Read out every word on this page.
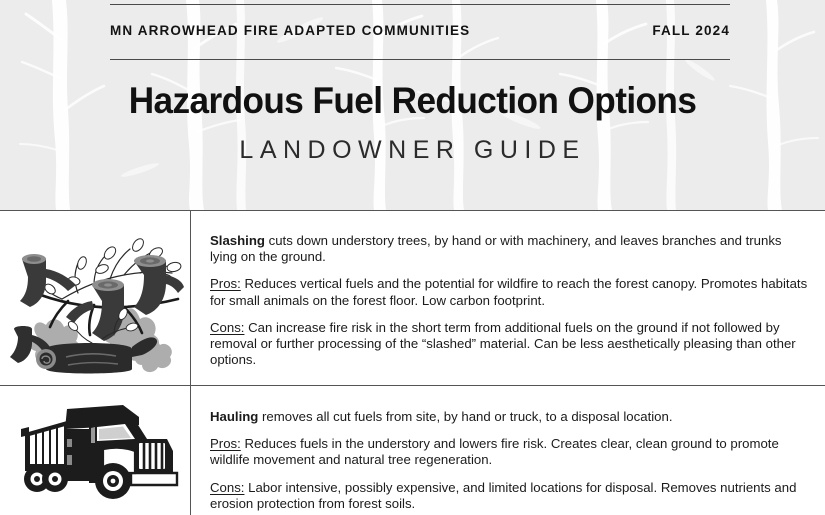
MN ARROWHEAD FIRE ADAPTED COMMUNITIES	FALL 2024
Hazardous Fuel Reduction Options
LANDOWNER GUIDE

Slashing cuts down understory trees, by hand or with machinery, and leaves branches and trunks lying on the ground.

Pros: Reduces vertical fuels and the potential for wildfire to reach the forest canopy. Promotes habitats for small animals on the forest floor. Low carbon footprint.

Cons: Can increase fire risk in the short term from additional fuels on the ground if not followed by removal or further processing of the “slashed” material. Can be less aesthetically pleasing than other options.

Hauling removes all cut fuels from site, by hand or truck, to a disposal location.

Pros: Reduces fuels in the understory and lowers fire risk. Creates clear, clean ground to promote wildlife movement and natural tree regeneration.

Cons: Labor intensive, possibly expensive, and limited locations for disposal. Removes nutrients and erosion protection from forest soils.
